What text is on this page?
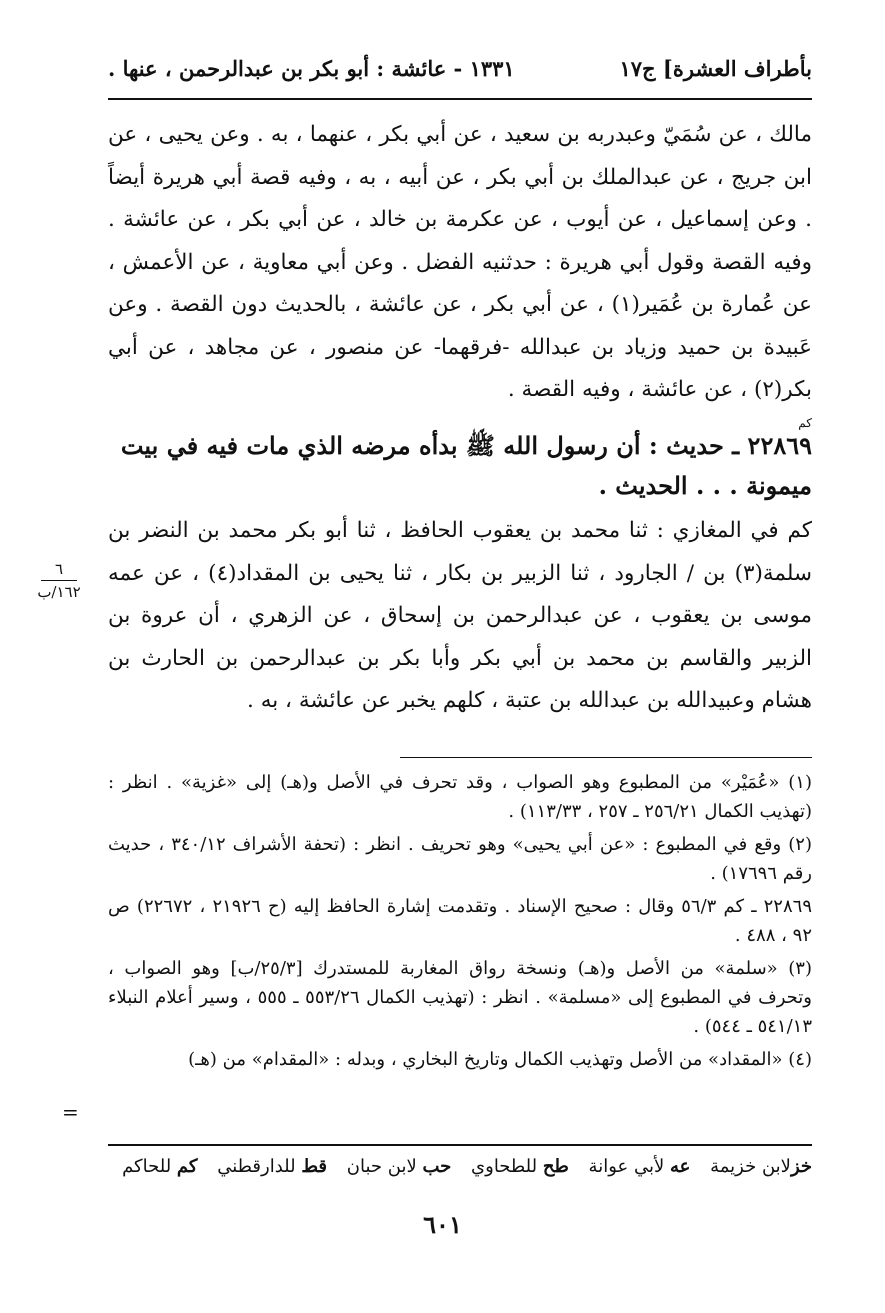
بأطراف العشرة] ج١٧
١٣٣١ - عائشة : أبو بكر بن عبدالرحمن ، عنها .
مالك ، عن سُمَيّ وعبدربه بن سعيد ، عن أبي بكر ، عنهما ، به . وعن يحيى ، عن ابن جريج ، عن عبدالملك بن أبي بكر ، عن أبيه ، به ، وفيه قصة أبي هريرة أيضاً . وعن إسماعيل ، عن أيوب ، عن عكرمة بن خالد ، عن أبي بكر ، عن عائشة . وفيه القصة وقول أبي هريرة : حدثنيه الفضل . وعن أبي معاوية ، عن الأعمش ، عن عُمارة بن عُمَير(١) ، عن أبي بكر ، عن عائشة ، بالحديث دون القصة . وعن عَبيدة بن حميد وزياد بن عبدالله -فرقهما- عن منصور ، عن مجاهد ، عن أبي بكر(٢) ، عن عائشة ، وفيه القصة .
كم
٢٢٨٦٩ ـ حديث : أن رسول الله ﷺ بدأه مرضه الذي مات فيه في بيت ميمونة . . . الحديث .
كم في المغازي : ثنا محمد بن يعقوب الحافظ ، ثنا أبو بكر محمد بن النضر بن سلمة(٣) بن / الجارود ، ثنا الزبير بن بكار ، ثنا يحيى بن المقداد(٤) ، عن عمه موسى بن يعقوب ، عن عبدالرحمن بن إسحاق ، عن الزهري ، أن عروة بن الزبير والقاسم بن محمد بن أبي بكر وأبا بكر بن عبدالرحمن بن الحارث بن هشام وعبيدالله بن عبدالله بن عتبة ، كلهم يخبر عن عائشة ، به .
٦
١٦٢/ب

(١) «عُمَيْر» من المطبوع وهو الصواب ، وقد تحرف في الأصل و(هـ) إلى «غزية» . انظر : (تهذيب الكمال ٢٥٦/٢١ ـ ٢٥٧ ، ١١٣/٣٣) .

(٢) وقع في المطبوع : «عن أبي يحيى» وهو تحريف . انظر : (تحفة الأشراف ٣٤٠/١٢ ، حديث رقم ١٧٦٩٦) .

٢٢٨٦٩ ـ كم ٥٦/٣ وقال : صحيح الإسناد . وتقدمت إشارة الحافظ إليه (ح ٢١٩٢٦ ، ٢٢٦٧٢) ص ٩٢ ، ٤٨٨ .

(٣) «سلمة» من الأصل و(هـ) ونسخة رواق المغاربة للمستدرك [٢٥/٣/ب] وهو الصواب ، وتحرف في المطبوع إلى «مسلمة» . انظر : (تهذيب الكمال ٥٥٣/٢٦ ـ ٥٥٥ ، وسير أعلام النبلاء ٥٤١/١٣ ـ ٥٤٤) .

(٤) «المقداد» من الأصل وتهذيب الكمال وتاريخ البخاري ، وبدله : «المقدام» من (هـ)

=
خزلابن خزيمة عه لأبي عوانة طح للطحاوي حب لابن حبان قط للدارقطني كم للحاكم
٦٠١
